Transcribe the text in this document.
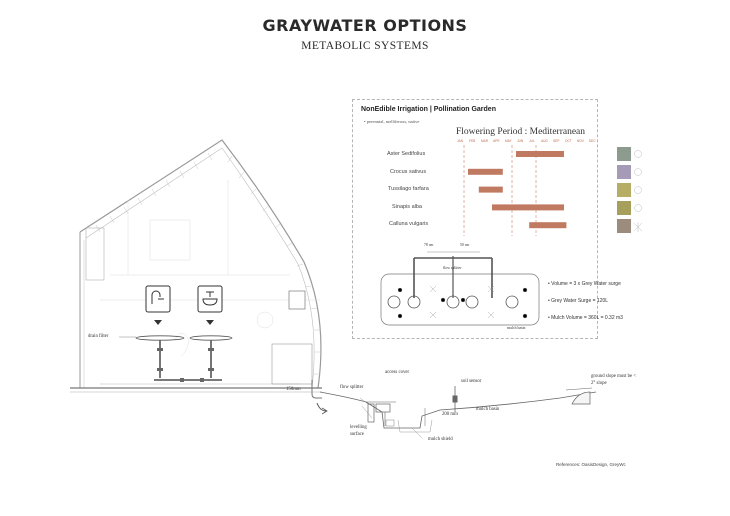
GRAYWATER OPTIONS
METABOLIC SYSTEMS
drain filter
150mm
NonEdible Irrigation | Pollination Garden
• perennial, melliferous, native
Flowering Period : Mediterranean
JAN FEB MAR APR MAY JUN JUL AUG SEP OCT NOV DEC
Aster Sedifolius
Crocus sativus
Tussilago farfara
Sinapis alba
Calluna vulgaris
78 cm	50 cm
flow splitter
mulch basin
• Volume = 3 x Grey Water surge
• Grey Water Surge = 120L
• Mulch Volume = 360L = 0.32 m3
flow splitter
access cover
soil sensor
mulch basin
200 mm
levelling
surface
mulch shield
ground slope must be <
2° slope
References: OasisDesign, GreyWc
